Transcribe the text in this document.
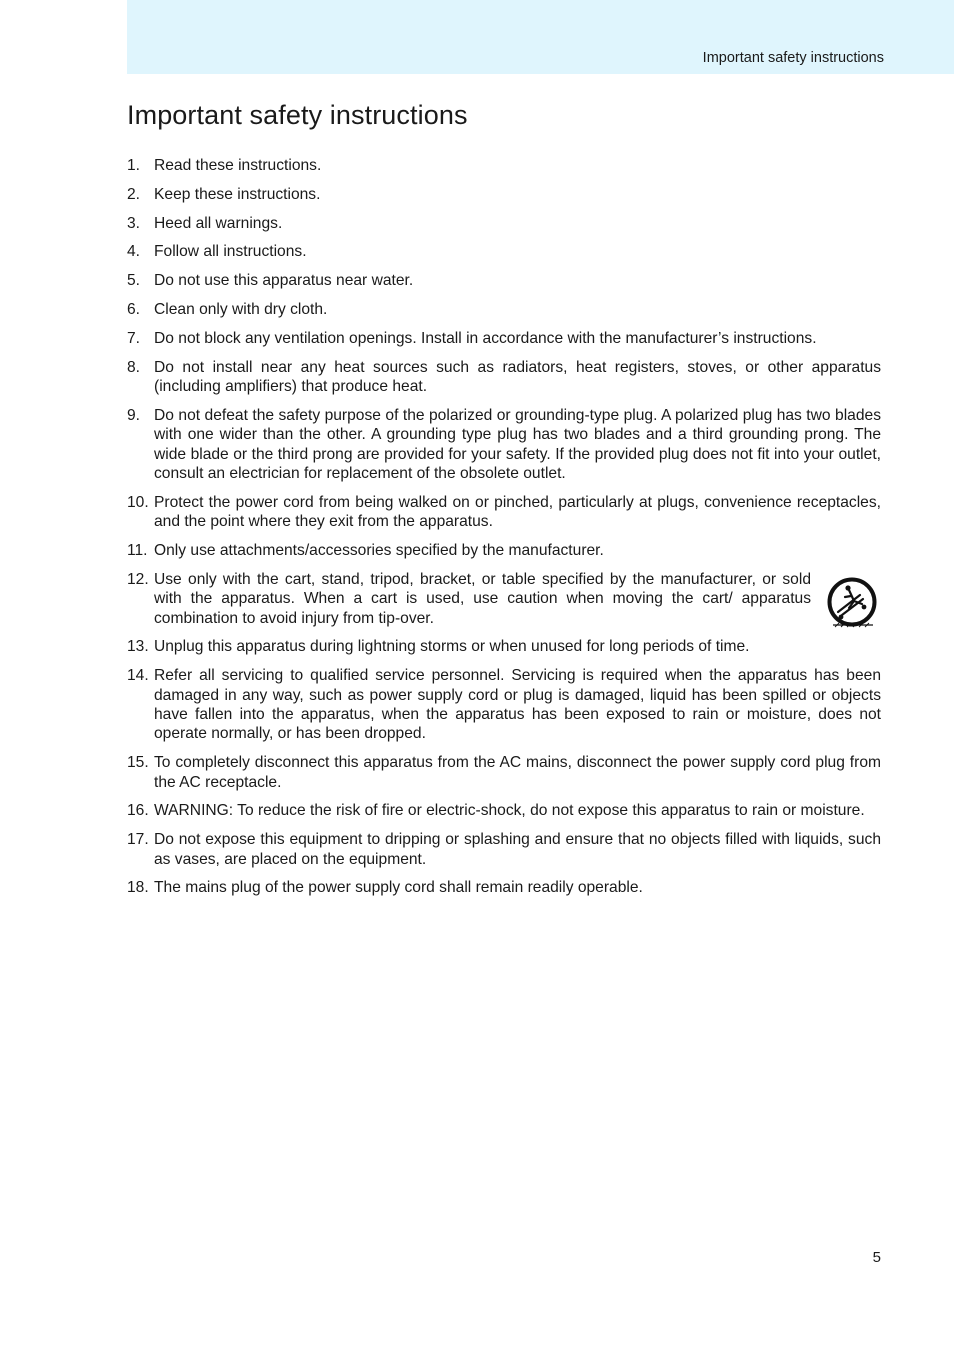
Important safety instructions
Important safety instructions
1. Read these instructions.
2. Keep these instructions.
3. Heed all warnings.
4. Follow all instructions.
5. Do not use this apparatus near water.
6. Clean only with dry cloth.
7. Do not block any ventilation openings. Install in accordance with the manufacturer’s instructions.
8. Do not install near any heat sources such as radiators, heat registers, stoves, or other apparatus (including amplifiers) that produce heat.
9. Do not defeat the safety purpose of the polarized or grounding-type plug. A polarized plug has two blades with one wider than the other. A grounding type plug has two blades and a third grounding prong. The wide blade or the third prong are provided for your safety. If the provided plug does not fit into your outlet, consult an electrician for replacement of the obsolete outlet.
10. Protect the power cord from being walked on or pinched, particularly at plugs, convenience receptacles, and the point where they exit from the apparatus.
11. Only use attachments/accessories specified by the manufacturer.
12. Use only with the cart, stand, tripod, bracket, or table specified by the manufacturer, or sold with the apparatus. When a cart is used, use caution when moving the cart/ apparatus combination to avoid injury from tip-over.
13. Unplug this apparatus during lightning storms or when unused for long periods of time.
14. Refer all servicing to qualified service personnel. Servicing is required when the apparatus has been damaged in any way, such as power supply cord or plug is damaged, liquid has been spilled or objects have fallen into the apparatus, when the apparatus has been exposed to rain or moisture, does not operate normally, or has been dropped.
15. To completely disconnect this apparatus from the AC mains, disconnect the power supply cord plug from the AC receptacle.
16. WARNING: To reduce the risk of fire or electric-shock, do not expose this apparatus to rain or moisture.
17. Do not expose this equipment to dripping or splashing and ensure that no objects filled with liquids, such as vases, are placed on the equipment.
18. The mains plug of the power supply cord shall remain readily operable.
5
